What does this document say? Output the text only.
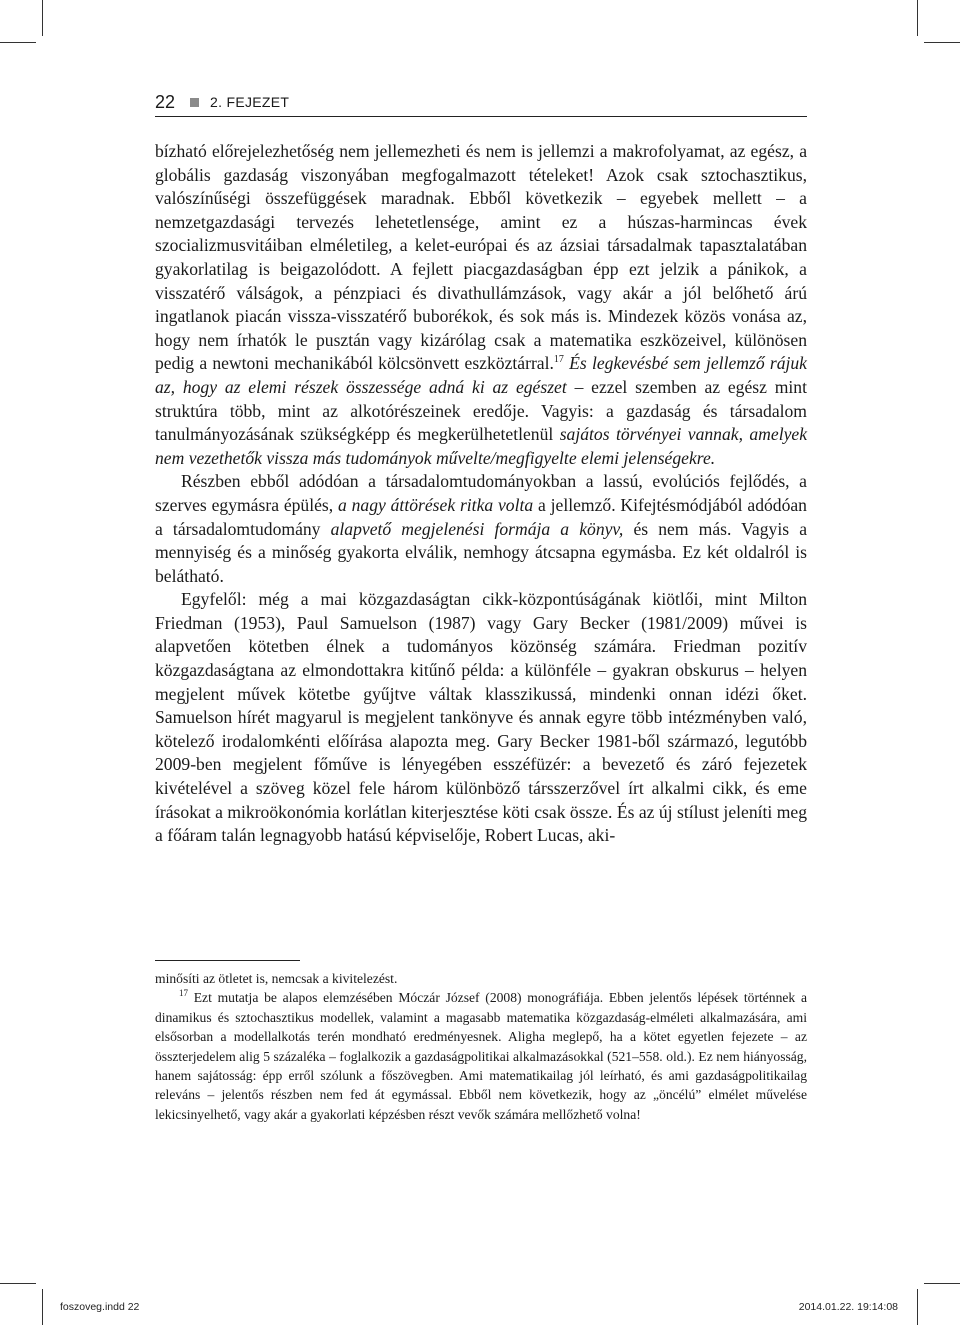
22 2. FEJEZET

bízható előrejelezhetőség nem jellemezheti és nem is jellemzi a makrofolyamat, az egész, a globális gazdaság viszonyában megfogalmazott tételeket! Azok csak sztochasztikus, valószínűségi összefüggések maradnak. Ebből következik – egyebek mellett – a nemzetgazdasági tervezés lehetetlensége, amint ez a húszas-harmincas évek szocializmusvitáiban elméletileg, a kelet-európai és az ázsiai társadalmak tapasztalatában gyakorlatilag is beigazolódott. A fejlett piacgazdaságban épp ezt jelzik a pánikok, a visszatérő válságok, a pénzpiaci és divathullámzások, vagy akár a jól belőhető árú ingatlanok piacán vissza-visszatérő buborékok, és sok más is. Mindezek közös vonása az, hogy nem írhatók le pusztán vagy kizárólag csak a matematika eszközeivel, különösen pedig a newtoni mechanikából kölcsönvett eszköztárral.$^{17}$ És legkevésbé sem jellemző rájuk az, hogy az elemi részek összessége adná ki az egészet – ezzel szemben az egész mint struktúra több, mint az alkotórészeinek eredője. Vagyis: a gazdaság és társadalom tanulmányozásának szükségképp és megkerülhetetlenül sajátos törvényei vannak, amelyek nem vezethetők vissza más tudományok művelte/megfigyelte elemi jelenségekre.

Részben ebből adódóan a társadalomtudományokban a lassú, evolúciós fejlődés, a szerves egymásra épülés, a nagy áttörések ritka volta a jellemző. Kifejtésmódjából adódóan a társadalomtudomány alapvető megjelenési formája a könyv, és nem más. Vagyis a mennyiség és a minőség gyakorta elválik, nemhogy átcsapna egymásba. Ez két oldalról is belátható.

Egyfelől: még a mai közgazdaságtan cikk-központúságának kiötlői, mint Milton Friedman (1953), Paul Samuelson (1987) vagy Gary Becker (1981/2009) művei is alapvetően kötetben élnek a tudományos közönség számára. Friedman pozitív közgazdaságtana az elmondottakra kitűnő példa: a különféle – gyakran obskurus – helyen megjelent művek kötetbe gyűjtve váltak klasszikussá, mindenki onnan idézi őket. Samuelson hírét magyarul is megjelent tankönyve és annak egyre több intézményben való, kötelező irodalomkénti előírása alapozta meg. Gary Becker 1981-ből származó, legutóbb 2009-ben megjelent főműve is lényegében esszéfüzér: a bevezető és záró fejezetek kivételével a szöveg közel fele három különböző társszerzővel írt alkalmi cikk, és eme írásokat a mikroökonómia korlátlan kiterjesztése köti csak össze. És az új stílust jeleníti meg a főáram talán legnagyobb hatású képviselője, Robert Lucas, aki-

minősíti az ötletet is, nemcsak a kivitelezést.

$^{17}$ Ezt mutatja be alapos elemzésében Móczár József (2008) monográfiája. Ebben jelentős lépések történnek a dinamikus és sztochasztikus modellek, valamint a magasabb matematika közgazdaság-elméleti alkalmazására, ami elsősorban a modellalkotás terén mondható eredményesnek. Aligha meglepő, ha a kötet egyetlen fejezete – az összterjedelem alig 5 százaléka – foglalkozik a gazdaságpolitikai alkalmazásokkal (521–558. old.). Ez nem hiányosság, hanem sajátosság: épp erről szólunk a főszövegben. Ami matematikailag jól leírható, és ami gazdaságpolitikailag releváns – jelentős részben nem fed át egymással. Ebből nem következik, hogy az „öncélú” elmélet művelése lekicsinyelhető, vagy akár a gyakorlati képzésben részt vevők számára mellőzhető volna!

foszoveg.indd 22	2014.01.22. 19:14:08
